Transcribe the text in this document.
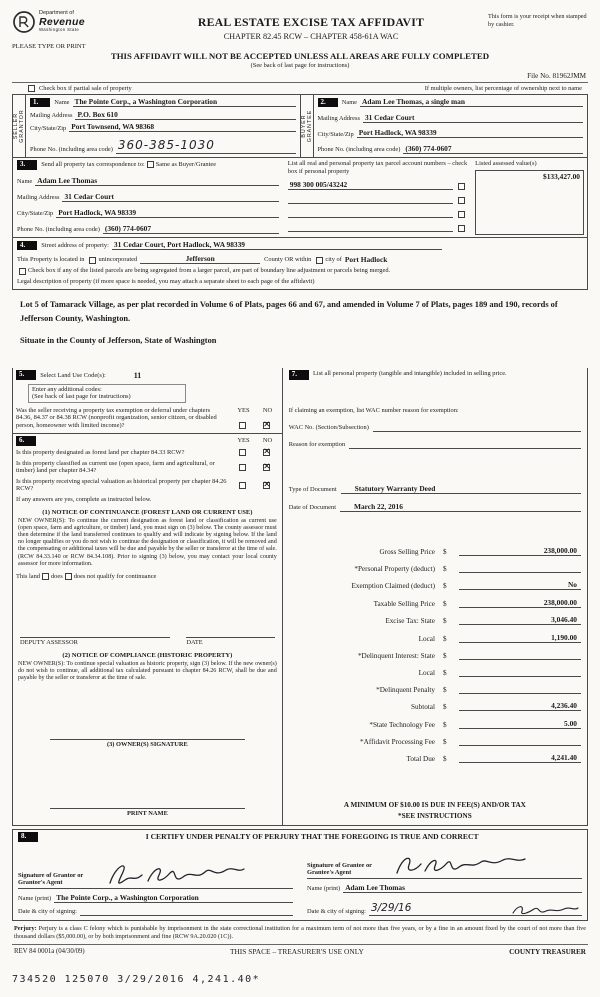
Department of
Revenue
Washington State
PLEASE TYPE OR PRINT
REAL ESTATE EXCISE TAX AFFIDAVIT
CHAPTER 82.45 RCW – CHAPTER 458-61A WAC
This form is your receipt when stamped by cashier.
THIS AFFIDAVIT WILL NOT BE ACCEPTED UNLESS ALL AREAS ARE FULLY COMPLETED
(See back of last page for instructions)
File No. 81962JMM
Check box if partial sale of property	If multiple owners, list percentage of ownership next to name
SELLER GRANTOR
1.	Name The Pointe Corp., a Washington Corporation
Mailing Address P.O. Box 610
City/State/Zip Port Townsend, WA 98368
Phone No. (including area code) 360-385-1030
BUYER GRANTEE
2.	Name Adam Lee Thomas, a single man
Mailing Address 31 Cedar Court
City/State/Zip Port Hadlock, WA 98339
Phone No. (including area code) (360) 774-0607
3.	Send all property tax correspondence to: Same as Buyer/Grantee
Name Adam Lee Thomas
Mailing Address 31 Cedar Court
City/State/Zip Port Hadlock, WA 98339
Phone No. (including area code) (360) 774-0607
List all real and personal property tax parcel account numbers – check box if personal property
998 300 005/43242
Listed assessed value(s)
$133,427.00
4.	Street address of property: 31 Cedar Court, Port Hadlock, WA 98339
This Property is located in unincorporated	Jefferson	County OR within city of Port Hadlock
Check box if any of the listed parcels are being segregated from a larger parcel, are part of boundary line adjustment or parcels being merged.
Legal description of property (if more space is needed, you may attach a separate sheet to each page of the affidavit)
Lot 5 of Tamarack Village, as per plat recorded in Volume 6 of Plats, pages 66 and 67, and amended in Volume 7 of Plats, pages 189 and 190, records of Jefferson County, Washington.
Situate in the County of Jefferson, State of Washington
5.	Select Land Use Code(s):	11
Enter any additional codes:
(See back of last page for instructions)
Was the seller receiving a property tax exemption or deferral under chapters 84.36, 84.37 or 84.38 RCW (nonprofit organization, senior citizen, or disabled person, homeowner with limited income)?
YES NO
✕
6.	YES NO
Is this property designated as forest land per chapter 84.33 RCW?
✕
Is this property classified as current use (open space, farm and agricultural, or timber) land per chapter 84.34?
✕
Is this property receiving special valuation as historical property per chapter 84.26 RCW?
✕
If any answers are yes, complete as instructed below.
(1) NOTICE OF CONTINUANCE (FOREST LAND OR CURRENT USE)
NEW OWNER(S): To continue the current designation as forest land or classification as current use (open space, farm and agriculture, or timber) land, you must sign on (3) below. The county assessor must then determine if the land transferred continues to qualify and will indicate by signing below. If the land no longer qualifies or you do not wish to continue the designation or classification, it will be removed and the compensating or additional taxes will be due and payable by the seller or transferor at the time of sale. (RCW 84.33.140 or RCW 84.34.108). Prior to signing (3) below, you may contact your local county assessor for more information.
This land does does not qualify for continuance
DEPUTY ASSESSOR	DATE
(2) NOTICE OF COMPLIANCE (HISTORIC PROPERTY)
NEW OWNER(S): To continue special valuation as historic property, sign (3) below. If the new owner(s) do not wish to continue, all additional tax calculated pursuant to chapter 84.26 RCW, shall be due and payable by the seller or transferor at the time of sale.
(3) OWNER(S) SIGNATURE
PRINT NAME
7.	List all personal property (tangible and intangible) included in selling price.
If claiming an exemption, list WAC number reason for exemption:
WAC No. (Section/Subsection)
Reason for exemption
Type of Document	Statutory Warranty Deed
Date of Document	March 22, 2016
Gross Selling Price	$	238,000.00
*Personal Property (deduct)	$
Exemption Claimed (deduct)	$	No
Taxable Selling Price	$	238,000.00
Excise Tax: State	$	3,046.40
Local	$	1,190.00
*Delinquent Interest: State	$
Local	$
*Delinquent Penalty	$
Subtotal	$	4,236.40
*State Technology Fee	$	5.00
*Affidavit Processing Fee	$
Total Due	$	4,241.40
A MINIMUM OF $10.00 IS DUE IN FEE(S) AND/OR TAX
*SEE INSTRUCTIONS
8.	I CERTIFY UNDER PENALTY OF PERJURY THAT THE FOREGOING IS TRUE AND CORRECT
Signature of Grantor or Grantor's Agent
Name (print) The Pointe Corp., a Washington Corporation
Date & city of signing:
Signature of Grantee or Grantee's Agent
Name (print) Adam Lee Thomas
Date & city of signing: 3/29/16
Perjury: Perjury is a class C felony which is punishable by imprisonment in the state correctional institution for a maximum term of not more than five years, or by a fine in an amount fixed by the court of not more than five thousand dollars ($5,000.00), or by both imprisonment and fine (RCW 9A.20.020 (1C)).
REV 84 0001a (04/30/09)	THIS SPACE – TREASURER'S USE ONLY	COUNTY TREASURER
734520 125070 3/29/2016 4,241.40*
